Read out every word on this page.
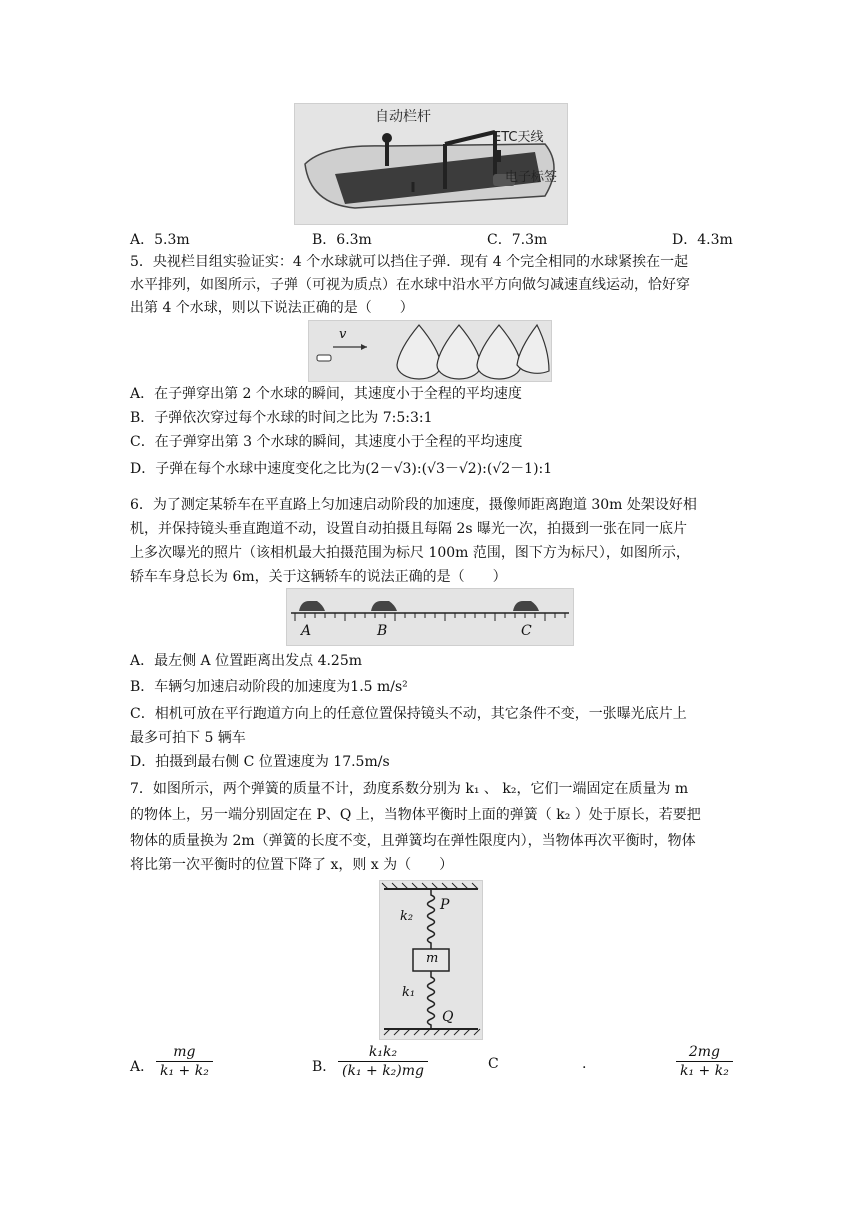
自动栏杆
ETC天线
电子标签
A．5.3m	B．6.3m	C．7.3m	D．4.3m
5．央视栏目组实验证实：4 个水球就可以挡住子弹．现有 4 个完全相同的水球紧挨在一起
水平排列，如图所示，子弹（可视为质点）在水球中沿水平方向做匀减速直线运动，恰好穿
出第 4 个水球，则以下说法正确的是（　　）
v
A．在子弹穿出第 2 个水球的瞬间，其速度小于全程的平均速度
B．子弹依次穿过每个水球的时间之比为 7:5:3:1
C．在子弹穿出第 3 个水球的瞬间，其速度小于全程的平均速度
D．子弹在每个水球中速度变化之比为(2－√3):(√3－√2):(√2－1):1
6．为了测定某轿车在平直路上匀加速启动阶段的加速度，摄像师距离跑道 30m 处架设好相
机，并保持镜头垂直跑道不动，设置自动拍摄且每隔 2s 曝光一次，拍摄到一张在同一底片
上多次曝光的照片（该相机最大拍摄范围为标尺 100m 范围，图下方为标尺），如图所示，
轿车车身总长为 6m，关于这辆轿车的说法正确的是（　　）
A	B	C
A．最左侧 A 位置距离出发点 4.25m
B．车辆匀加速启动阶段的加速度为1.5 m/s²
C．相机可放在平行跑道方向上的任意位置保持镜头不动，其它条件不变，一张曝光底片上
最多可拍下 5 辆车
D．拍摄到最右侧 C 位置速度为 17.5m/s
7．如图所示，两个弹簧的质量不计，劲度系数分别为 k₁ 、 k₂，它们一端固定在质量为 m
的物体上，另一端分别固定在 P、Q 上，当物体平衡时上面的弹簧（ k₂ ）处于原长，若要把
物体的质量换为 2m（弹簧的长度不变，且弹簧均在弹性限度内），当物体再次平衡时，物体
将比第一次平衡时的位置下降了 x，则 x 为（　　）
k₂
P
m
k₁
Q
A． $\frac{mg}{\text{k₁ + k₂}}$	B． $\frac{\text{k₁k₂}}{\text{(k₁ + k₂)mg}}$	C	.	$\frac{2mg}{\text{k₁ + k₂}}$
